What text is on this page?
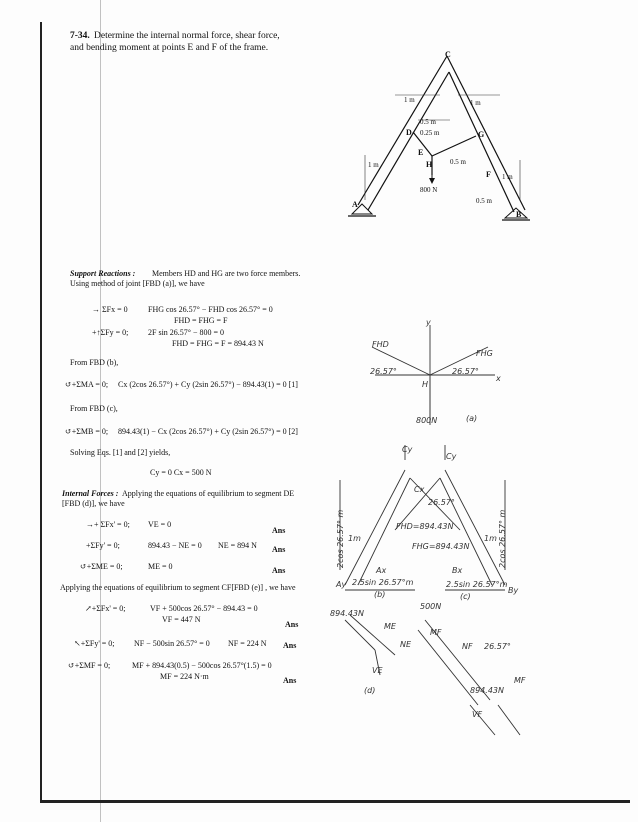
7-34. Determine the internal normal force, shear force,
and bending moment at points E and F of the frame.
C
D	G
E
H
F
A
B
1 m	1 m
1 m
1 m
0.5 m
0.25 m
0.5 m
0.5 m
800 N
Support Reactions : Members HD and HG are two force members.
Using method of joint [FBD (a)], we have
→ ΣFx = 0	FHG cos 26.57° − FHD cos 26.57° = 0
FHD = FHG = F
+↑ΣFy = 0; 2F sin 26.57° − 800 = 0
FHD = FHG = F = 894.43 N
From FBD (b),
↺+ΣMA = 0; Cx (2cos 26.57°) + Cy (2sin 26.57°) − 894.43(1) = 0 [1]
From FBD (c),
↺+ΣMB = 0; 894.43(1) − Cx (2cos 26.57°) + Cy (2sin 26.57°) = 0 [2]
Solving Eqs. [1] and [2] yields,
Cy = 0 Cx = 500 N
Internal Forces : Applying the equations of equilibrium to segment DE
[FBD (d)], we have
→+ ΣFx' = 0; VE = 0
Ans
+ΣFy' = 0;	894.43 − NE = 0 NE = 894 N Ans
↺+ΣME = 0;	ME = 0	Ans
Applying the equations of equilibrium to segment CF[FBD (e)] , we have
↗+ΣFx' = 0;	VF + 500cos 26.57° − 894.43 = 0
VF = 447 N
Ans
↖+ΣFy' = 0; NF − 500sin 26.57° = 0 NF = 224 N Ans
↺+ΣMF = 0;	MF + 894.43(0.5) − 500cos 26.57°(1.5) = 0
MF = 224 N·m	Ans
y
x
FHD
FHG
26.57°	26.57°
H
800N	(a)
Cy
Cy
Cx
26.57°
FHD=894.43N
FHG=894.43N
1m	1m
2cos 26.57° m	2cos 26.57° m
Ax
Ay
Bx
By
2.5sin 26.57°m	2.5sin 26.57°m
(b)	(c)
894.43N
ME
NE
VE
(d)
500N
MF
NF 26.57°
894.43N
VF
MF
